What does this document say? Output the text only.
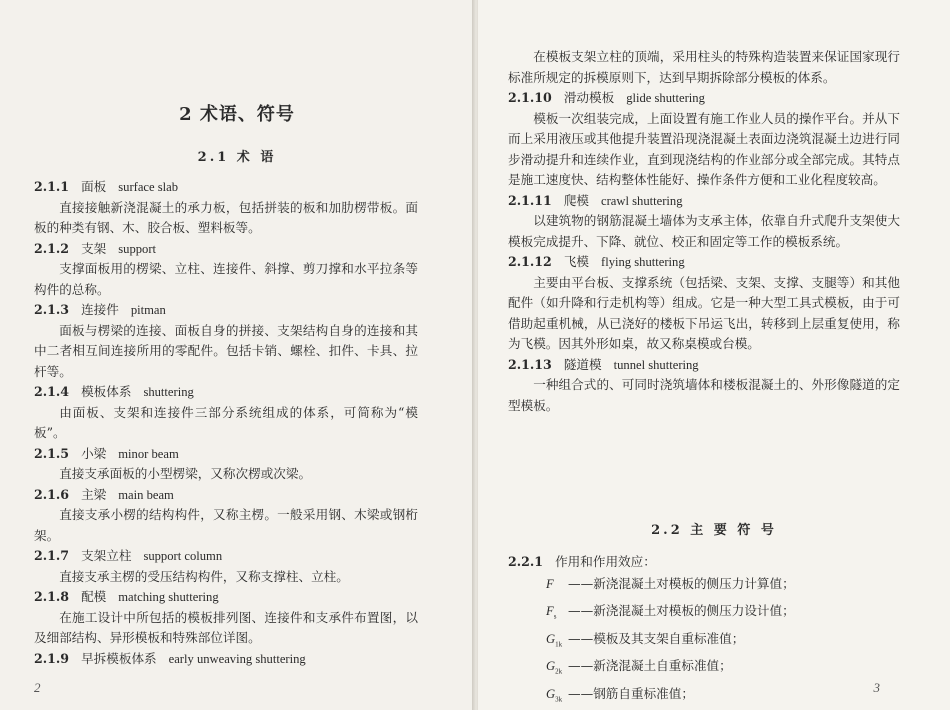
2 术语、符号
2.1 术 语
2.1.1 面板 surface slab
直接接触新浇混凝土的承力板，包括拼装的板和加肋楞带板。面板的种类有钢、木、胶合板、塑料板等。
2.1.2 支架 support
支撑面板用的楞梁、立柱、连接件、斜撑、剪刀撑和水平拉条等构件的总称。
2.1.3 连接件 pitman
面板与楞梁的连接、面板自身的拼接、支架结构自身的连接和其中二者相互间连接所用的零配件。包括卡销、螺栓、扣件、卡具、拉杆等。
2.1.4 模板体系 shuttering
由面板、支架和连接件三部分系统组成的体系，可简称为“模板”。
2.1.5 小梁 minor beam
直接支承面板的小型楞梁，又称次楞或次梁。
2.1.6 主梁 main beam
直接支承小楞的结构构件，又称主楞。一般采用钢、木梁或钢桁架。
2.1.7 支架立柱 support column
直接支承主楞的受压结构构件，又称支撑柱、立柱。
2.1.8 配模 matching shuttering
在施工设计中所包括的模板排列图、连接件和支承件布置图，以及细部结构、异形模板和特殊部位详图。
2.1.9 早拆模板体系 early unweaving shuttering
在模板支架立柱的顶端，采用柱头的特殊构造装置来保证国家现行标准所规定的拆模原则下，达到早期拆除部分模板的体系。
2.1.10 滑动模板 glide shuttering
模板一次组装完成，上面设置有施工作业人员的操作平台。并从下而上采用液压或其他提升装置沿现浇混凝土表面边浇筑混凝土边进行同步滑动提升和连续作业，直到现浇结构的作业部分或全部完成。其特点是施工速度快、结构整体性能好、操作条件方便和工业化程度较高。
2.1.11 爬模 crawl shuttering
以建筑物的钢筋混凝土墙体为支承主体，依靠自升式爬升支架使大模板完成提升、下降、就位、校正和固定等工作的模板系统。
2.1.12 飞模 flying shuttering
主要由平台板、支撑系统（包括梁、支架、支撑、支腿等）和其他配件（如升降和行走机构等）组成。它是一种大型工具式模板，由于可借助起重机械，从已浇好的楼板下吊运飞出，转移到上层重复使用，称为飞模。因其外形如桌，故又称桌模或台模。
2.1.13 隧道模 tunnel shuttering
一种组合式的、可同时浇筑墙体和楼板混凝土的、外形像隧道的定型模板。
2.2 主 要 符 号
2.2.1 作用和作用效应：
F ——新浇混凝土对模板的侧压力计算值；
$F_s$ ——新浇混凝土对模板的侧压力设计值；
$G_{1k}$ ——模板及其支架自重标准值；
$G_{2k}$ ——新浇混凝土自重标准值；
$G_{3k}$ ——钢筋自重标准值；
2	3
